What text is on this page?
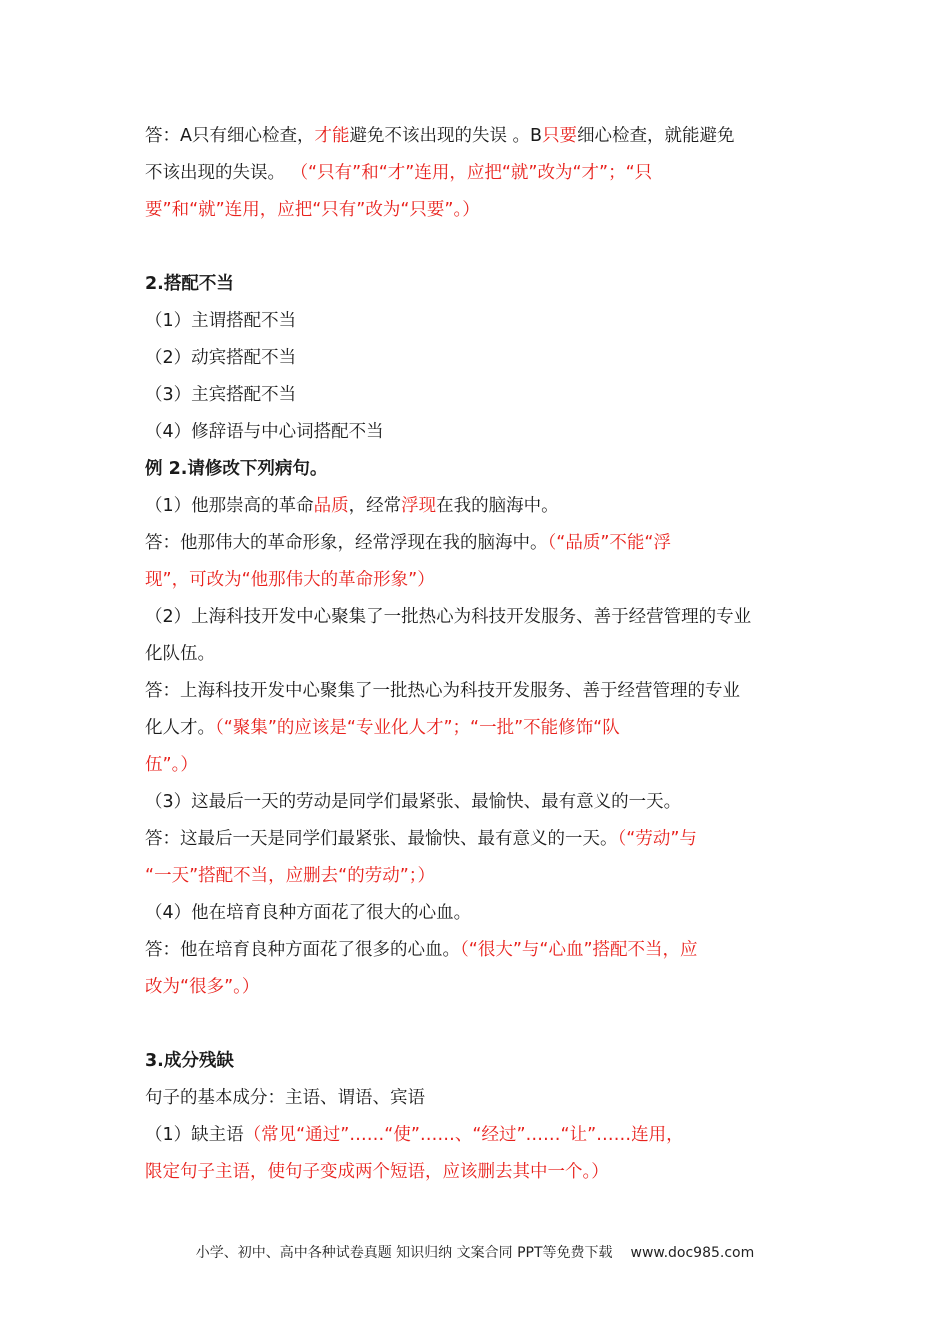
答：A只有细心检查，才能避免不该出现的失误 。B只要细心检查，就能避免
不该出现的失误。 （“只有”和“才”连用，应把“就”改为“才”；“只
要”和“就”连用，应把“只有”改为“只要”。）
2.搭配不当
（1）主谓搭配不当
（2）动宾搭配不当
（3）主宾搭配不当
（4）修辞语与中心词搭配不当
例 2.请修改下列病句。
（1）他那崇高的革命品质，经常浮现在我的脑海中。
答：他那伟大的革命形象，经常浮现在我的脑海中。（“品质”不能“浮
现”，可改为“他那伟大的革命形象”）
（2）上海科技开发中心聚集了一批热心为科技开发服务、善于经营管理的专业
化队伍。
答：上海科技开发中心聚集了一批热心为科技开发服务、善于经营管理的专业
化人才。（“聚集”的应该是“专业化人才”；“一批”不能修饰“队
伍”。）
（3）这最后一天的劳动是同学们最紧张、最愉快、最有意义的一天。
答：这最后一天是同学们最紧张、最愉快、最有意义的一天。（“劳动”与
“一天”搭配不当，应删去“的劳动”；）
（4）他在培育良种方面花了很大的心血。
答：他在培育良种方面花了很多的心血。（“很大”与“心血”搭配不当，应
改为“很多”。）
3.成分残缺
句子的基本成分：主语、谓语、宾语
（1）缺主语（常见“通过”……“使”……、“经过”……“让”……连用，
限定句子主语，使句子变成两个短语，应该删去其中一个。）
小学、初中、高中各种试卷真题 知识归纳 文案合同 PPT等免费下载 www.doc985.com
